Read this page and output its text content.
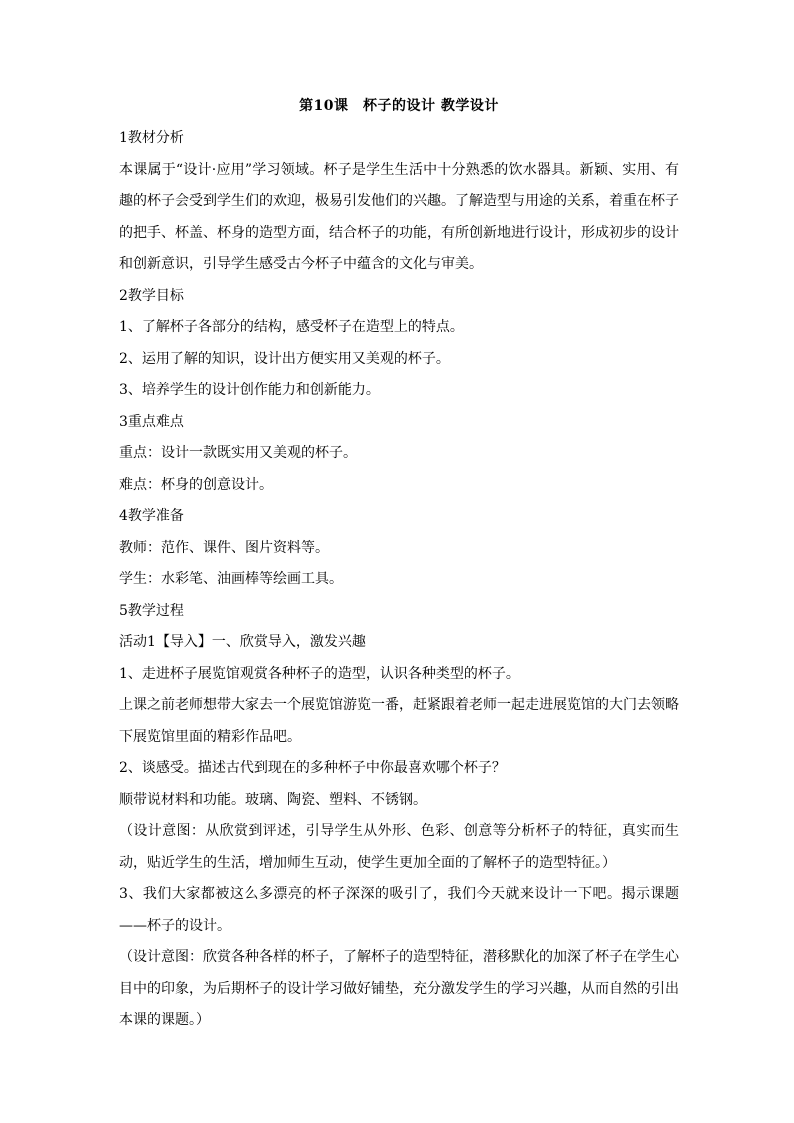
第10课　杯子的设计 教学设计

1教材分析

本课属于“设计·应用”学习领域。杯子是学生生活中十分熟悉的饮水器具。新颖、实用、有趣的杯子会受到学生们的欢迎，极易引发他们的兴趣。了解造型与用途的关系，着重在杯子的把手、杯盖、杯身的造型方面，结合杯子的功能，有所创新地进行设计，形成初步的设计和创新意识，引导学生感受古今杯子中蕴含的文化与审美。

2教学目标

1、了解杯子各部分的结构，感受杯子在造型上的特点。

2、运用了解的知识，设计出方便实用又美观的杯子。

3、培养学生的设计创作能力和创新能力。

3重点难点

重点：设计一款既实用又美观的杯子。

难点：杯身的创意设计。

4教学准备

教师：范作、课件、图片资料等。

学生：水彩笔、油画棒等绘画工具。

5教学过程

活动1【导入】一、欣赏导入，激发兴趣

1、走进杯子展览馆观赏各种杯子的造型，认识各种类型的杯子。

上课之前老师想带大家去一个展览馆游览一番，赶紧跟着老师一起走进展览馆的大门去领略下展览馆里面的精彩作品吧。

2、谈感受。描述古代到现在的多种杯子中你最喜欢哪个杯子？

顺带说材料和功能。玻璃、陶瓷、塑料、不锈钢。

（设计意图：从欣赏到评述，引导学生从外形、色彩、创意等分析杯子的特征，真实而生动，贴近学生的生活，增加师生互动，使学生更加全面的了解杯子的造型特征。）

3、我们大家都被这么多漂亮的杯子深深的吸引了，我们今天就来设计一下吧。揭示课题——杯子的设计。

（设计意图：欣赏各种各样的杯子，了解杯子的造型特征，潜移默化的加深了杯子在学生心目中的印象，为后期杯子的设计学习做好铺垫，充分激发学生的学习兴趣，从而自然的引出本课的课题。）
